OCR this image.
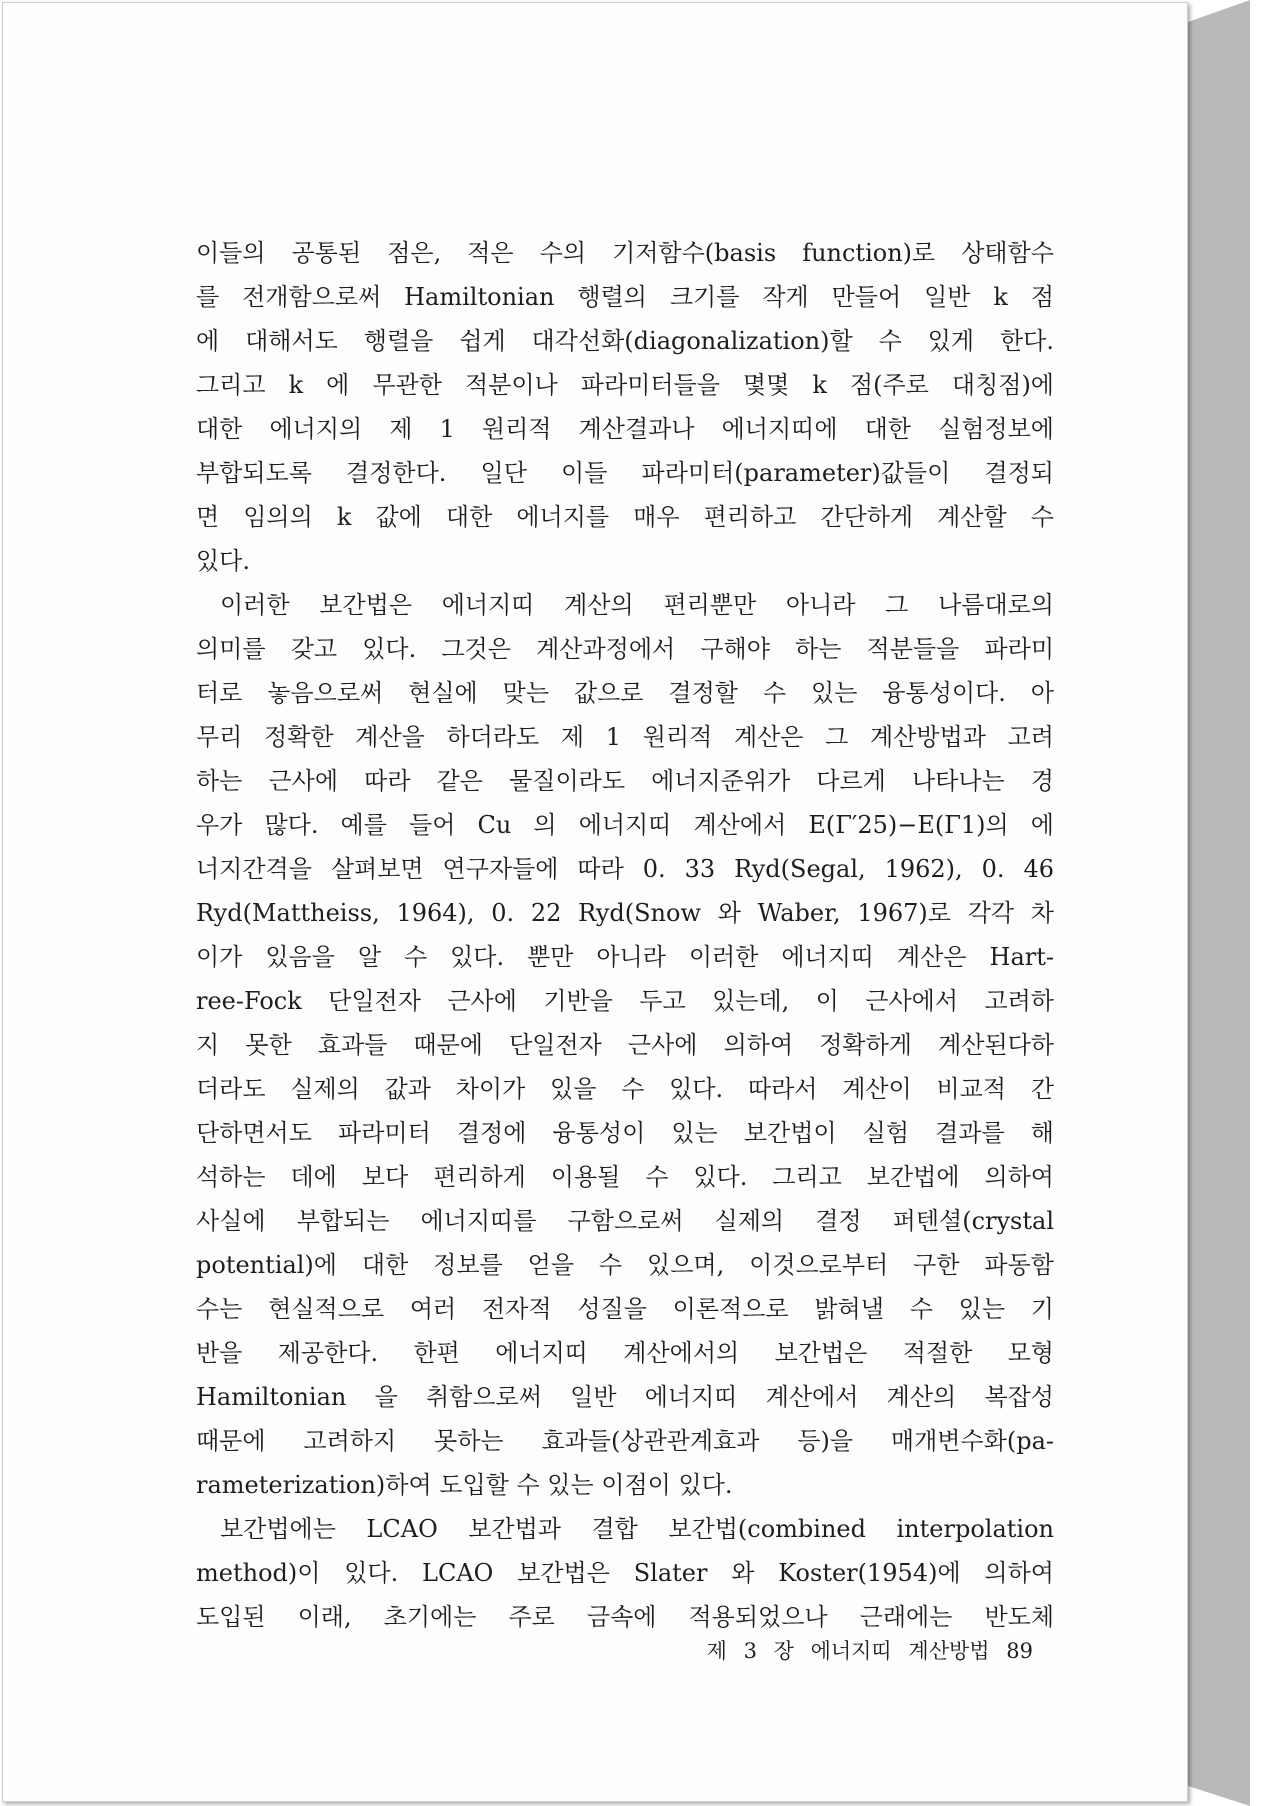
이들의 공통된 점은, 적은 수의 기저함수(basis function)로 상태함수
를 전개함으로써 Hamiltonian 행렬의 크기를 작게 만들어 일반 k 점
에 대해서도 행렬을 쉽게 대각선화(diagonalization)할 수 있게 한다.
그리고 k 에 무관한 적분이나 파라미터들을 몇몇 k 점(주로 대칭점)에
대한 에너지의 제 1 원리적 계산결과나 에너지띠에 대한 실험정보에
부합되도록 결정한다. 일단 이들 파라미터(parameter)값들이 결정되
면 임의의 k 값에 대한 에너지를 매우 편리하고 간단하게 계산할 수
있다.
이러한 보간법은 에너지띠 계산의 편리뿐만 아니라 그 나름대로의
의미를 갖고 있다. 그것은 계산과정에서 구해야 하는 적분들을 파라미
터로 놓음으로써 현실에 맞는 값으로 결정할 수 있는 융통성이다. 아
무리 정확한 계산을 하더라도 제 1 원리적 계산은 그 계산방법과 고려
하는 근사에 따라 같은 물질이라도 에너지준위가 다르게 나타나는 경
우가 많다. 예를 들어 Cu 의 에너지띠 계산에서 E(Γ′25)−E(Γ1)의 에
너지간격을 살펴보면 연구자들에 따라 0. 33 Ryd(Segal, 1962), 0. 46
Ryd(Mattheiss, 1964), 0. 22 Ryd(Snow 와 Waber, 1967)로 각각 차
이가 있음을 알 수 있다. 뿐만 아니라 이러한 에너지띠 계산은 Hart-
ree-Fock 단일전자 근사에 기반을 두고 있는데, 이 근사에서 고려하
지 못한 효과들 때문에 단일전자 근사에 의하여 정확하게 계산된다하
더라도 실제의 값과 차이가 있을 수 있다. 따라서 계산이 비교적 간
단하면서도 파라미터 결정에 융통성이 있는 보간법이 실험 결과를 해
석하는 데에 보다 편리하게 이용될 수 있다. 그리고 보간법에 의하여
사실에 부합되는 에너지띠를 구함으로써 실제의 결정 퍼텐셜(crystal
potential)에 대한 정보를 얻을 수 있으며, 이것으로부터 구한 파동함
수는 현실적으로 여러 전자적 성질을 이론적으로 밝혀낼 수 있는 기
반을 제공한다. 한편 에너지띠 계산에서의 보간법은 적절한 모형
Hamiltonian 을 취함으로써 일반 에너지띠 계산에서 계산의 복잡성
때문에 고려하지 못하는 효과들(상관관계효과 등)을 매개변수화(pa-
rameterization)하여 도입할 수 있는 이점이 있다.
보간법에는 LCAO 보간법과 결합 보간법(combined interpolation
method)이 있다. LCAO 보간법은 Slater 와 Koster(1954)에 의하여
도입된 이래, 초기에는 주로 금속에 적용되었으나 근래에는 반도체
제 3 장 에너지띠 계산방법 89
